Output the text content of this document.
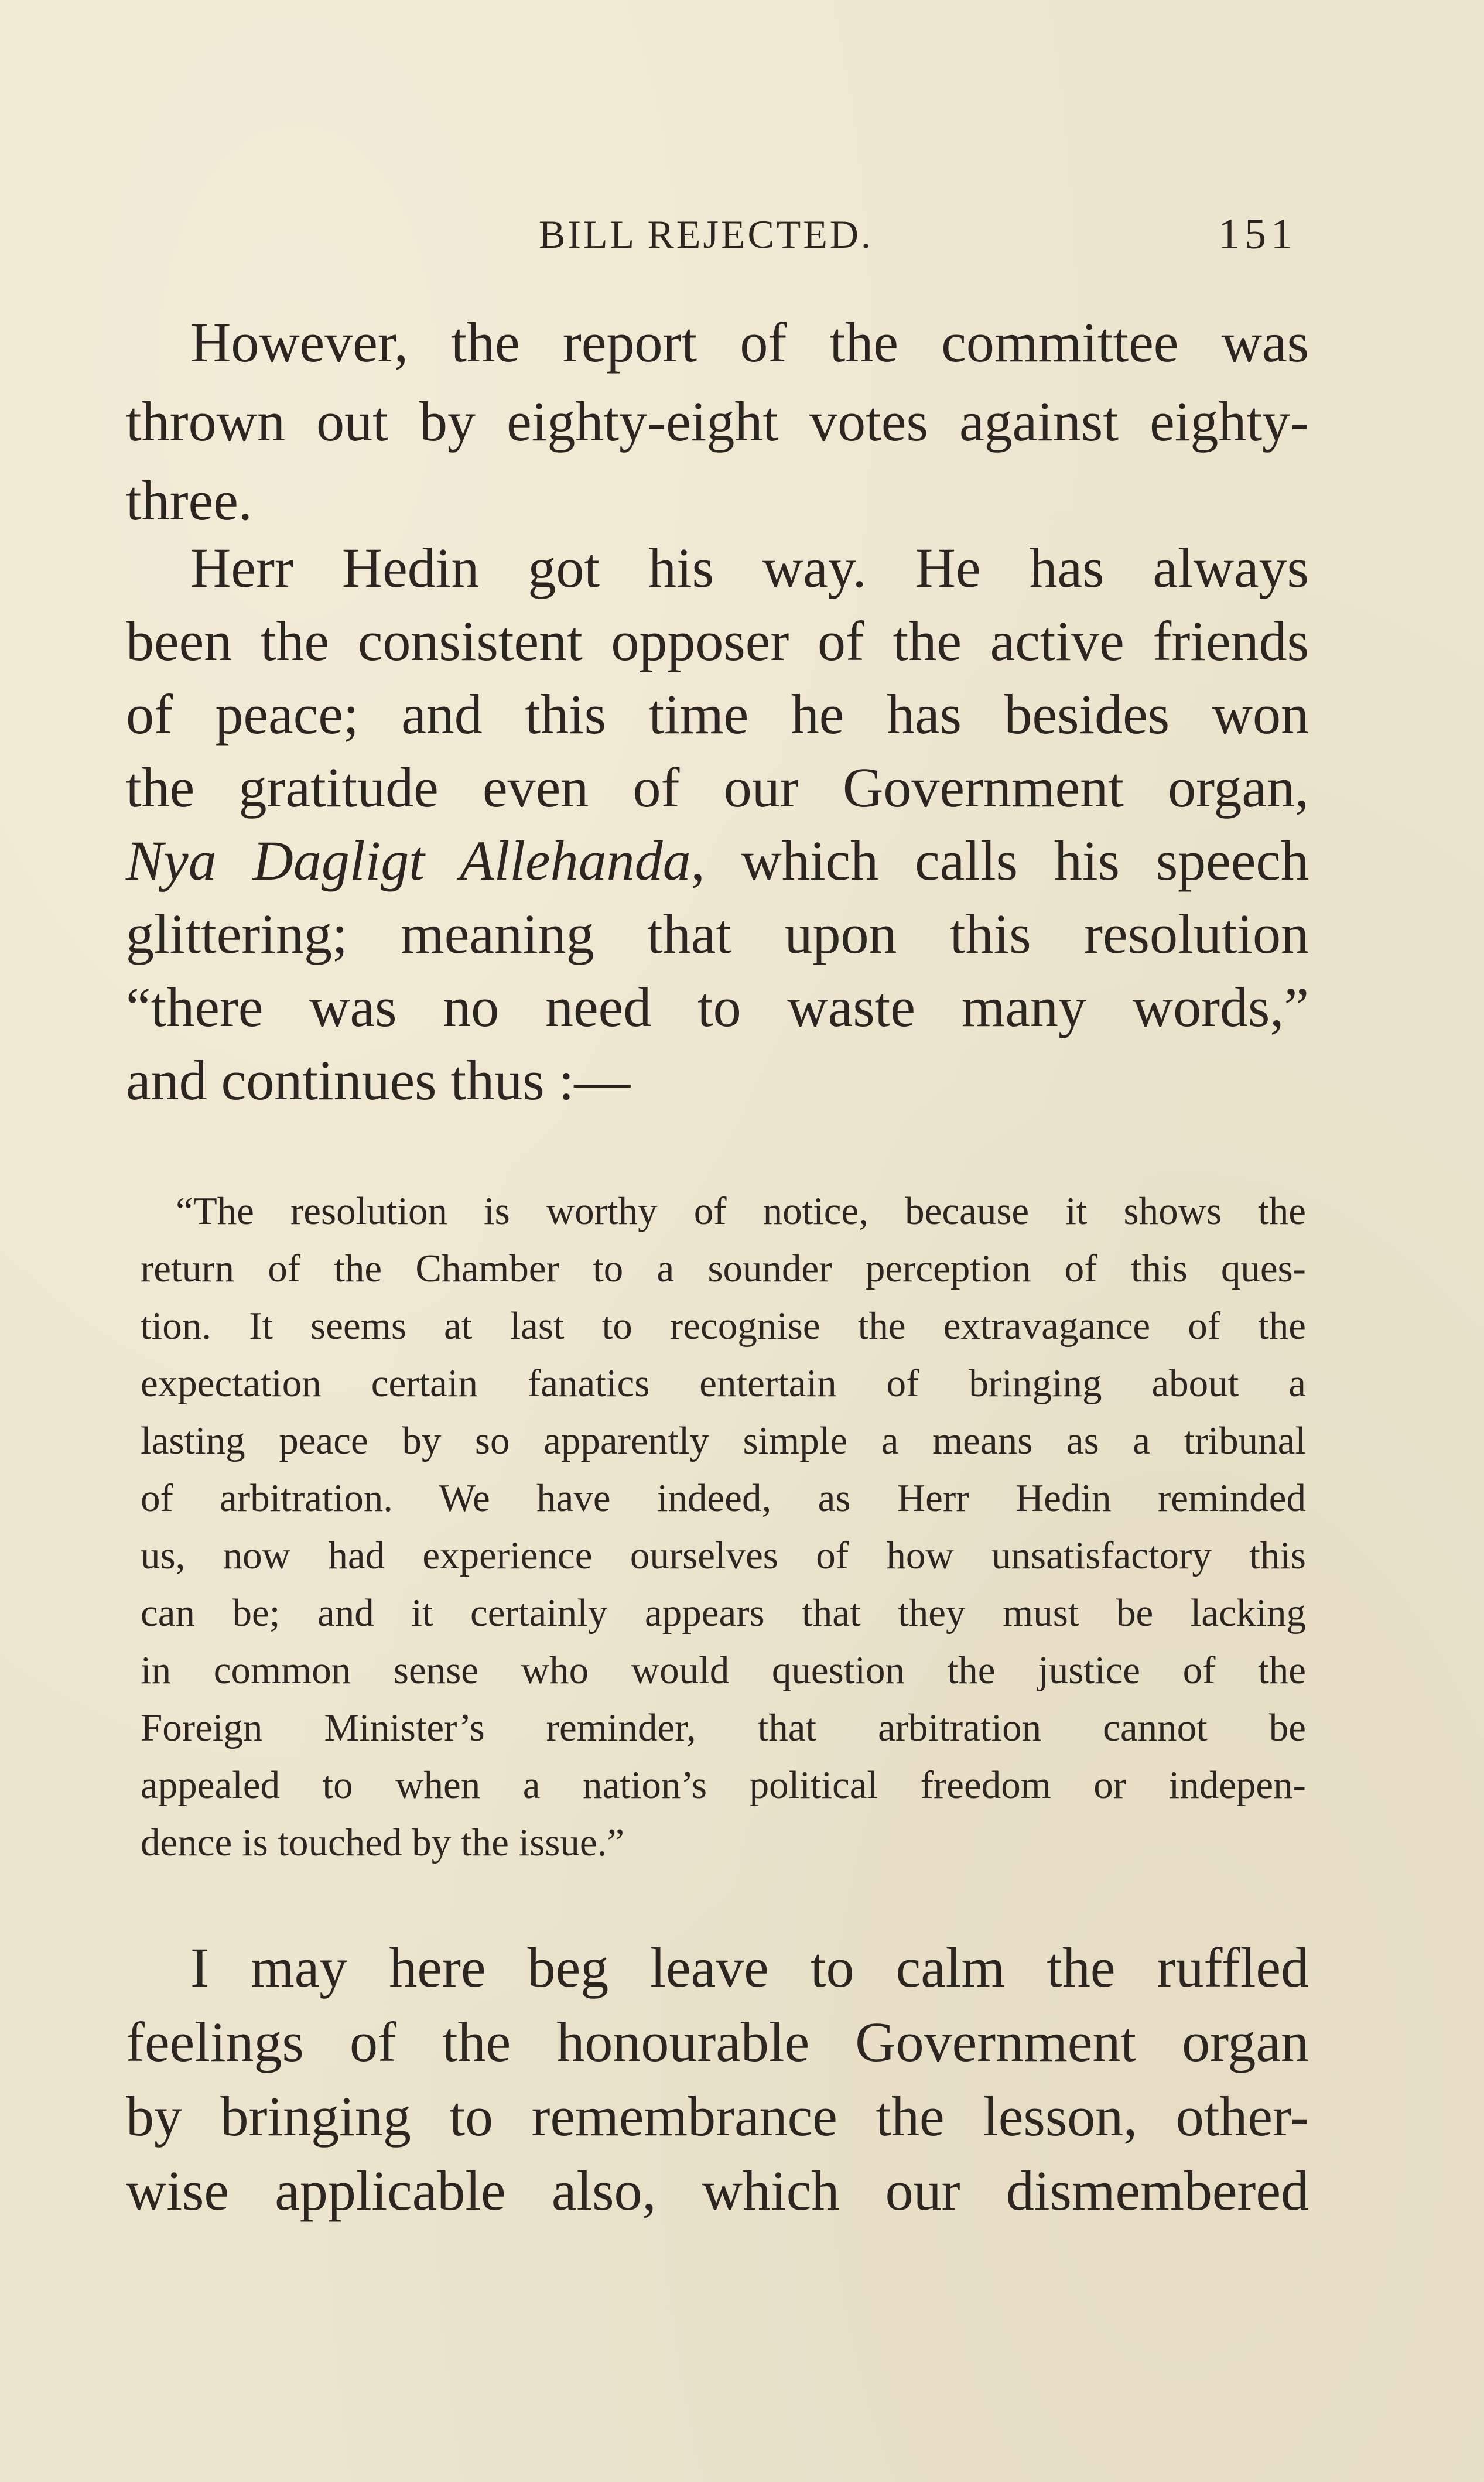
BILL REJECTED.	151
However, the report of the committee was
thrown out by eighty-eight votes against eighty-
three.
Herr Hedin got his way. He has always
been the consistent opposer of the active friends
of peace; and this time he has besides won
the gratitude even of our Government organ,
Nya Dagligt Allehanda, which calls his speech
glittering; meaning that upon this resolution
“there was no need to waste many words,”
and continues thus :—
“The resolution is worthy of notice, because it shows the
return of the Chamber to a sounder perception of this ques-
tion. It seems at last to recognise the extravagance of the
expectation certain fanatics entertain of bringing about a
lasting peace by so apparently simple a means as a tribunal
of arbitration. We have indeed, as Herr Hedin reminded
us, now had experience ourselves of how unsatisfactory this
can be; and it certainly appears that they must be lacking
in common sense who would question the justice of the
Foreign Minister’s reminder, that arbitration cannot be
appealed to when a nation’s political freedom or indepen-
dence is touched by the issue.”
I may here beg leave to calm the ruffled
feelings of the honourable Government organ
by bringing to remembrance the lesson, other-
wise applicable also, which our dismembered
